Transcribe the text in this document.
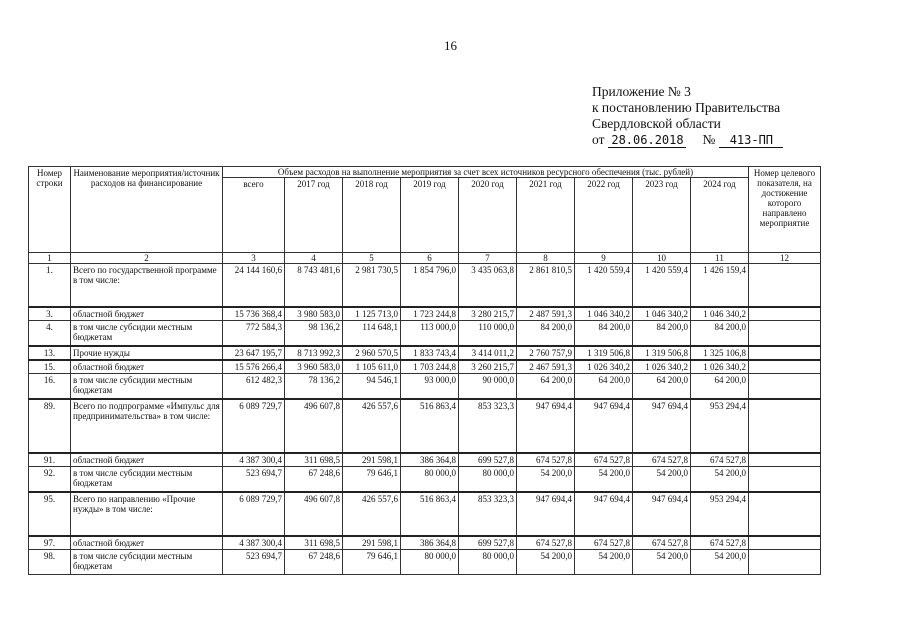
16
Приложение № 3
к постановлению Правительства
Свердловской области
от 28.06.2018 №	413-ПП
Номер строки	Наименование мероприятия/источник расходов на финансирование	Объем расходов на выполнение мероприятия за счет всех источников ресурсного обеспечения (тыс. рублей)									Номер целевого показателя, на достижение которого направлено мероприятие
		всего	2017 год	2018 год	2019 год	2020 год	2021 год	2022 год	2023 год	2024 год	
1	2	3	4	5	6	7	8	9	10	11	12
1.	Всего по государственной программе в том числе:	24 144 160,6	8 743 481,6	2 981 730,5	1 854 796,0	3 435 063,8	2 861 810,5	1 420 559,4	1 420 559,4	1 426 159,4	
3.	областной бюджет	15 736 368,4	3 980 583,0	1 125 713,0	1 723 244,8	3 280 215,7	2 487 591,3	1 046 340,2	1 046 340,2	1 046 340,2	
4.	в том числе субсидии местным бюджетам	772 584,3	98 136,2	114 648,1	113 000,0	110 000,0	84 200,0	84 200,0	84 200,0	84 200,0	
13.	Прочие нужды	23 647 195,7	8 713 992,3	2 960 570,5	1 833 743,4	3 414 011,2	2 760 757,9	1 319 506,8	1 319 506,8	1 325 106,8	
15.	областной бюджет	15 576 266,4	3 960 583,0	1 105 611,0	1 703 244,8	3 260 215,7	2 467 591,3	1 026 340,2	1 026 340,2	1 026 340,2	
16.	в том числе субсидии местным бюджетам	612 482,3	78 136,2	94 546,1	93 000,0	90 000,0	64 200,0	64 200,0	64 200,0	64 200,0	
89.	Всего по подпрограмме «Импульс для предпринимательства» в том числе:	6 089 729,7	496 607,8	426 557,6	516 863,4	853 323,3	947 694,4	947 694,4	947 694,4	953 294,4	
91.	областной бюджет	4 387 300,4	311 698,5	291 598,1	386 364,8	699 527,8	674 527,8	674 527,8	674 527,8	674 527,8	
92.	в том числе субсидии местным бюджетам	523 694,7	67 248,6	79 646,1	80 000,0	80 000,0	54 200,0	54 200,0	54 200,0	54 200,0	
95.	Всего по направлению «Прочие нужды» в том числе:	6 089 729,7	496 607,8	426 557,6	516 863,4	853 323,3	947 694,4	947 694,4	947 694,4	953 294,4	
97.	областной бюджет	4 387 300,4	311 698,5	291 598,1	386 364,8	699 527,8	674 527,8	674 527,8	674 527,8	674 527,8	
98.	в том числе субсидии местным бюджетам	523 694,7	67 248,6	79 646,1	80 000,0	80 000,0	54 200,0	54 200,0	54 200,0	54 200,0	
